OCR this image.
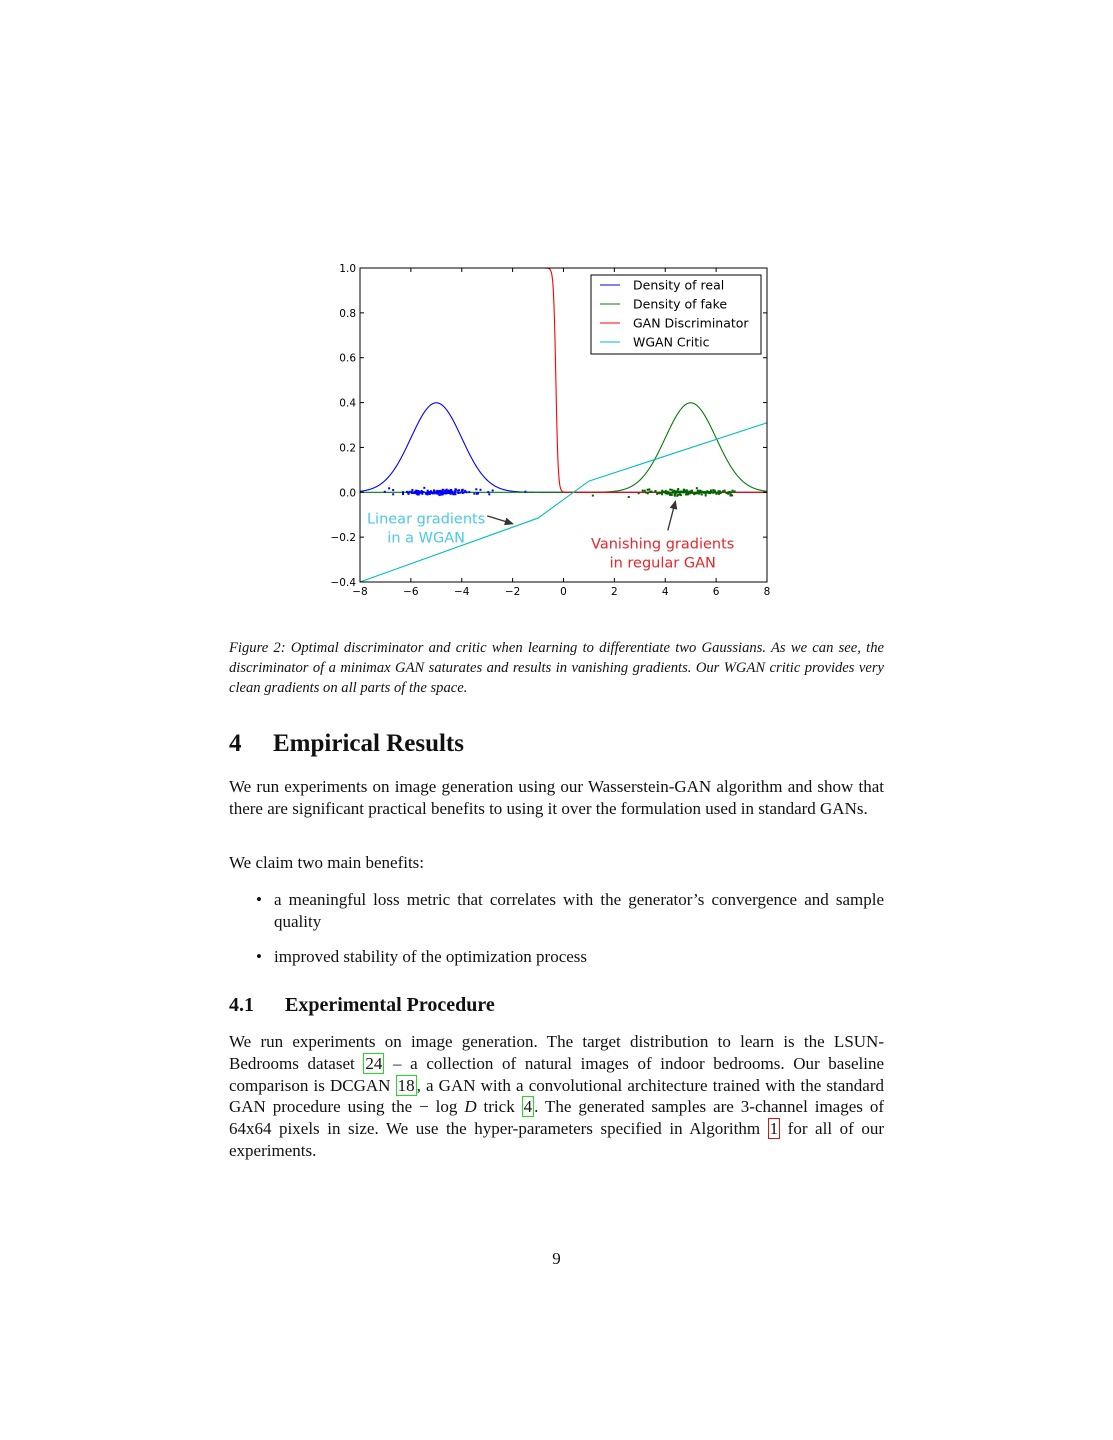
−8	−6	−4	−2	0	2	4	6	8
−0.4
−0.2
0.0
0.2
0.4
0.6
0.8
1.0
Density of real
Density of fake
GAN Discriminator
WGAN Critic
Linear gradients
in a WGAN	Vanishing gradients
in regular GAN
Figure 2: Optimal discriminator and critic when learning to differentiate two Gaussians. As we can see, the discriminator of a minimax GAN saturates and results in vanishing gradients. Our WGAN critic provides very clean gradients on all parts of the space.
4 Empirical Results
We run experiments on image generation using our Wasserstein-GAN algorithm and show that there are significant practical benefits to using it over the formulation used in standard GANs.
We claim two main benefits:
• a meaningful loss metric that correlates with the generator’s convergence and sample quality
• improved stability of the optimization process
4.1 Experimental Procedure
We run experiments on image generation. The target distribution to learn is the LSUN-Bedrooms dataset 24 – a collection of natural images of indoor bedrooms. Our baseline comparison is DCGAN 18 , a GAN with a convolutional architecture trained with the standard GAN procedure using the − log D trick 4 . The generated samples are 3-channel images of 64x64 pixels in size. We use the hyper-parameters specified in Algorithm 1 for all of our experiments.
9
